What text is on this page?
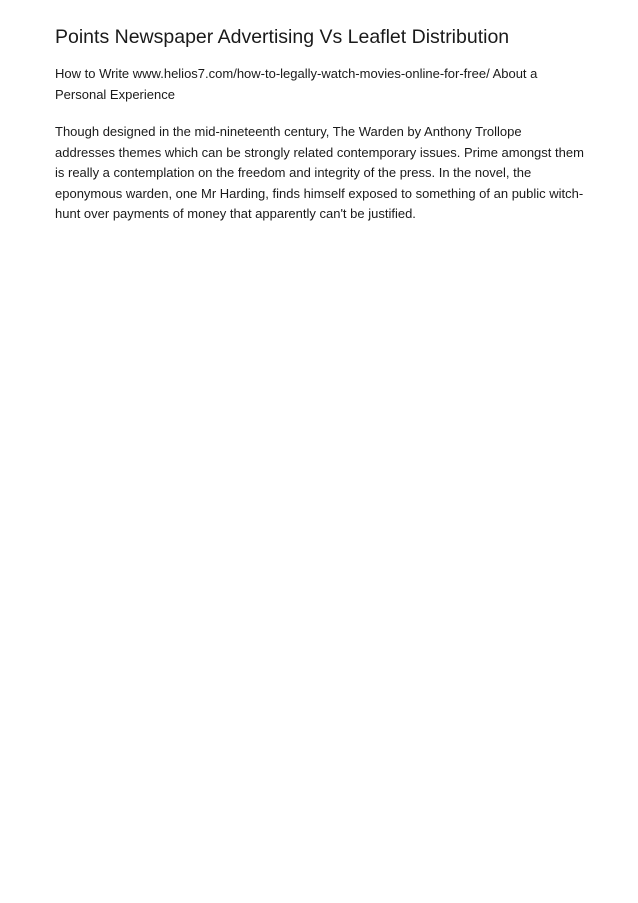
Points Newspaper Advertising Vs Leaflet Distribution

How to Write www.helios7.com/how-to-legally-watch-movies-online-for-free/ About a Personal Experience

Though designed in the mid-nineteenth century, The Warden by Anthony Trollope addresses themes which can be strongly related contemporary issues. Prime amongst them is really a contemplation on the freedom and integrity of the press. In the novel, the eponymous warden, one Mr Harding, finds himself exposed to something of an public witch-hunt over payments of money that apparently can't be justified.
